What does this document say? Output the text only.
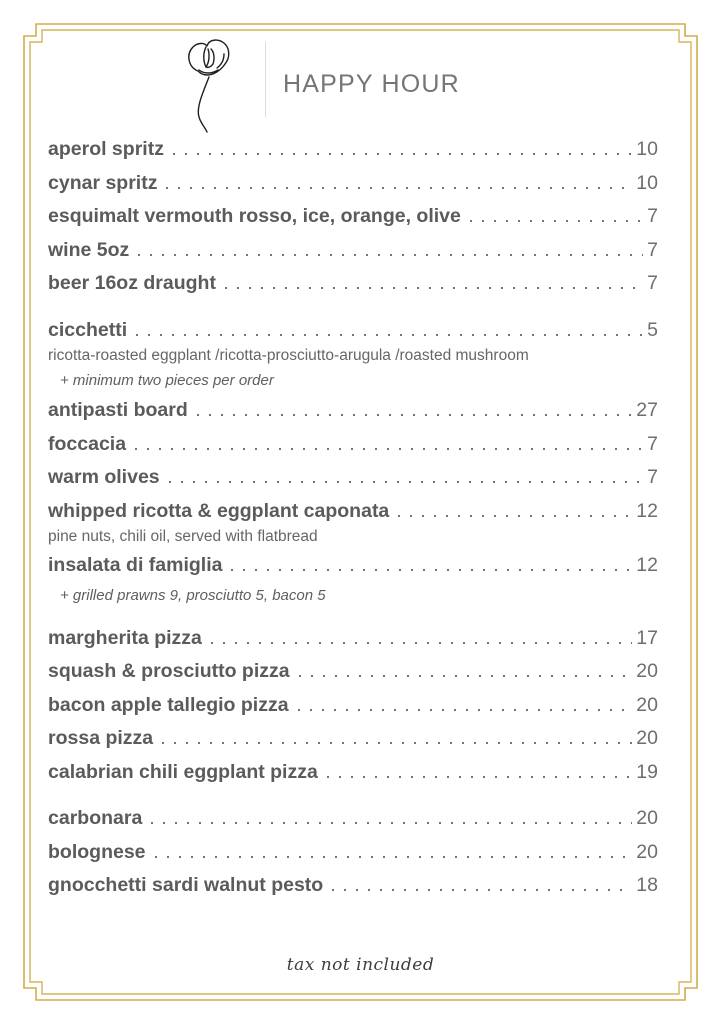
HAPPY HOUR
aperol spritz	10
cynar spritz	10
esquimalt vermouth rosso, ice, orange, olive	7
wine 5oz	7
beer 16oz draught	7
cicchetti	5
ricotta-roasted eggplant /ricotta-prosciutto-arugula /roasted mushroom
+ minimum two pieces per order
antipasti board	27
foccacia	7
warm olives	7
whipped ricotta & eggplant caponata	12
pine nuts, chili oil, served with flatbread
insalata di famiglia	12
+ grilled prawns 9, prosciutto 5, bacon 5
margherita pizza	17
squash & prosciutto pizza	20
bacon apple tallegio pizza	20
rossa pizza	20
calabrian chili eggplant pizza	19
carbonara	20
bolognese	20
gnocchetti sardi walnut pesto	18
tax not included
